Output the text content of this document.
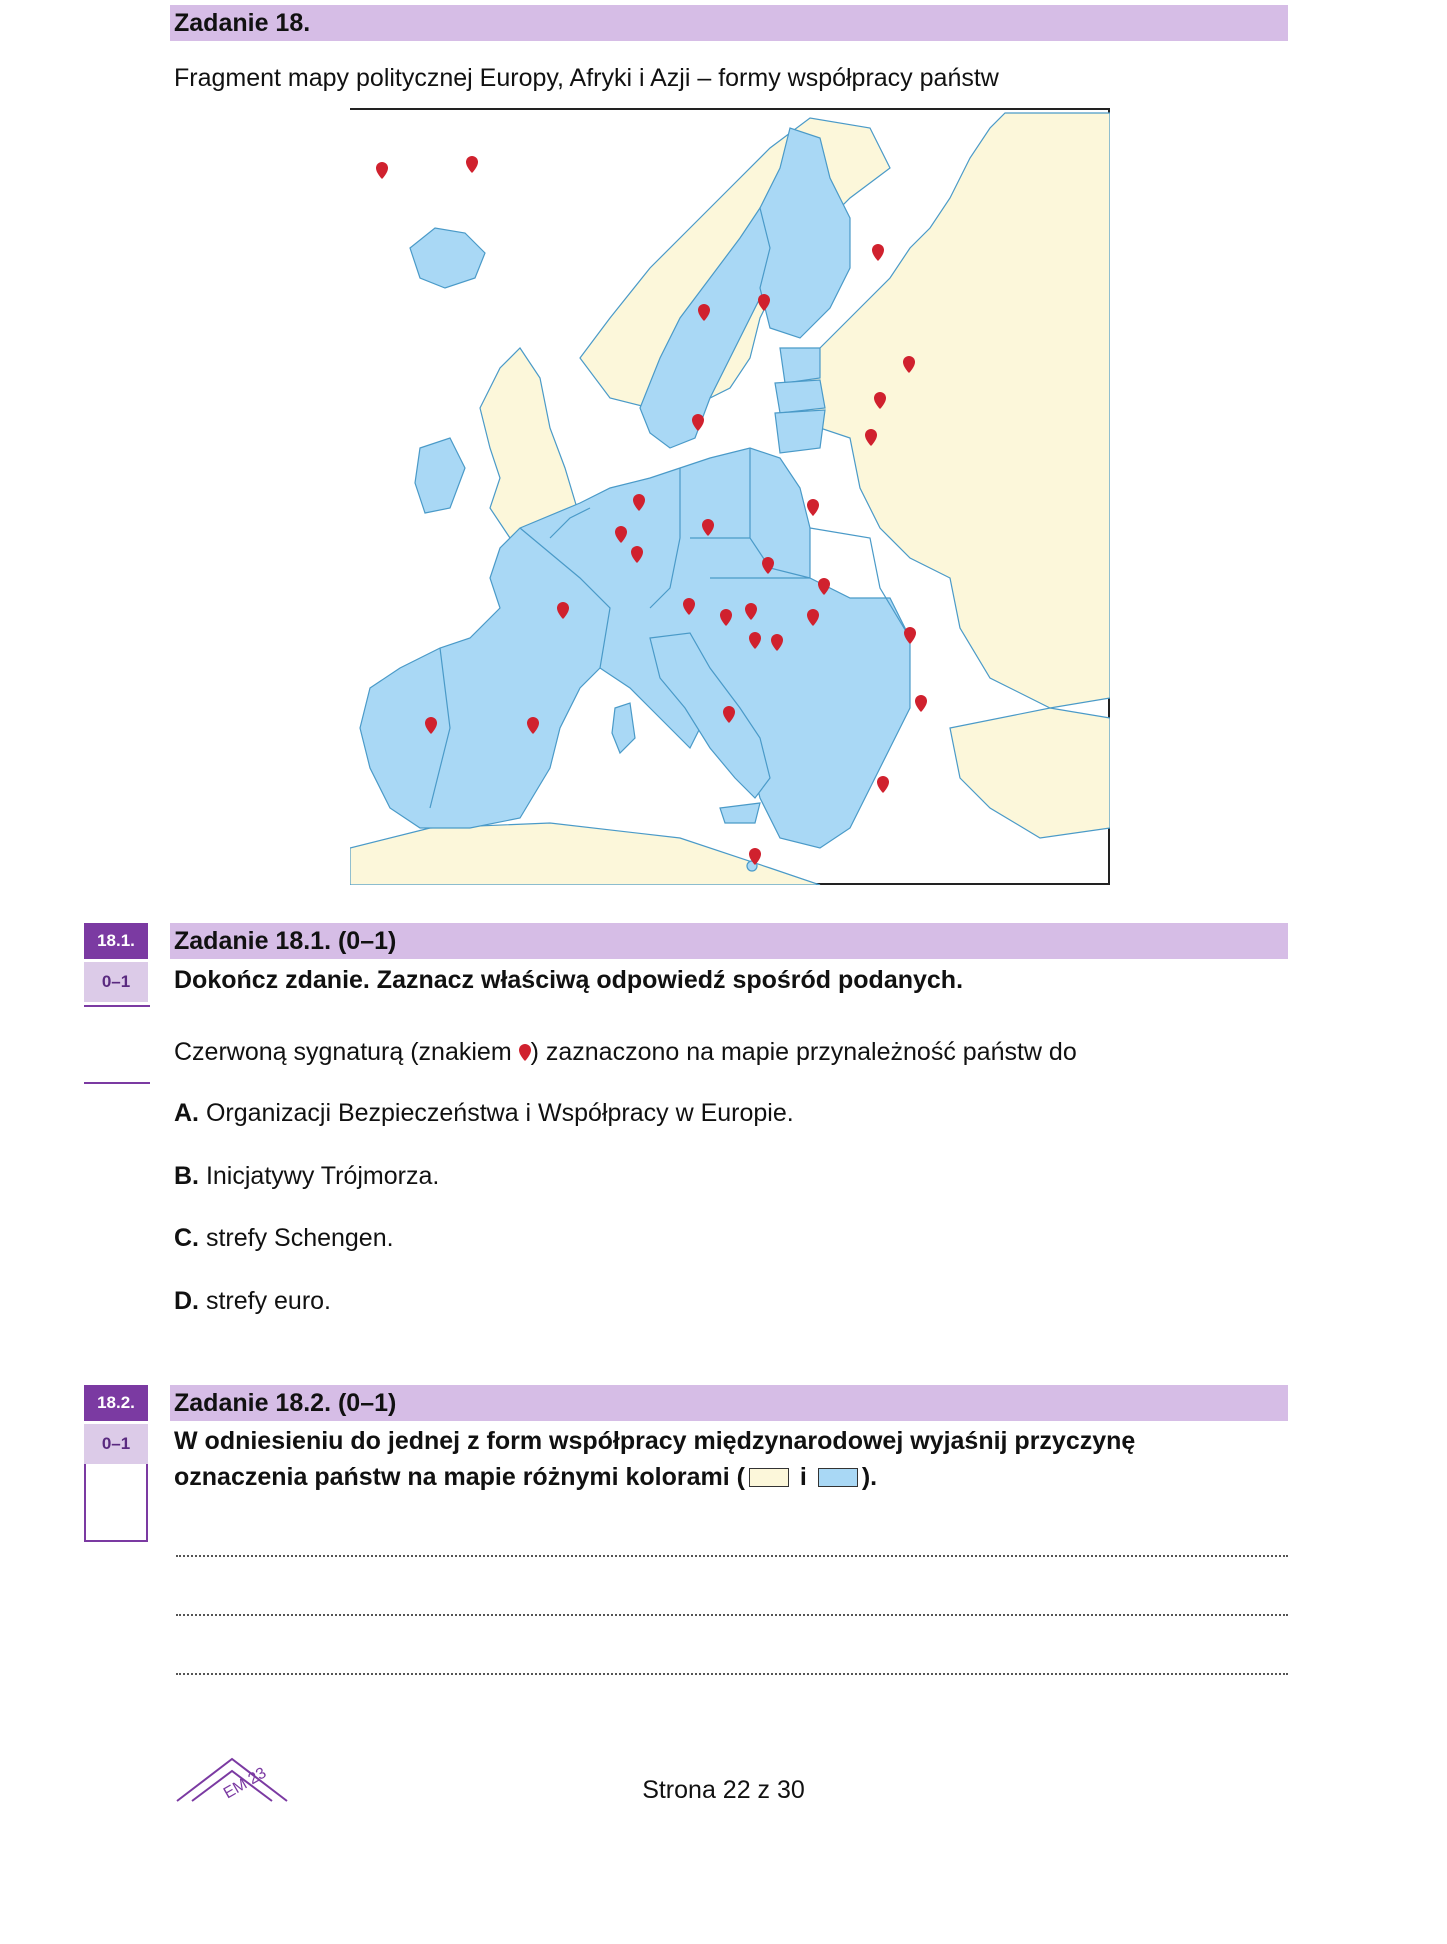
Zadanie 18.
Fragment mapy politycznej Europy, Afryki i Azji – formy współpracy państw
18.1.
0–1
Zadanie 18.1. (0–1)
Dokończ zdanie. Zaznacz właściwą odpowiedź spośród podanych.
Czerwoną sygnaturą (znakiem ) zaznaczono na mapie przynależność państw do
A. Organizacji Bezpieczeństwa i Współpracy w Europie.
B. Inicjatywy Trójmorza.
C. strefy Schengen.
D. strefy euro.
18.2.
0–1
Zadanie 18.2. (0–1)
W odniesieniu do jednej z form współpracy międzynarodowej wyjaśnij przyczynę
oznaczenia państw na mapie różnymi kolorami ( i ).
EM 23	Strona 22 z 30
